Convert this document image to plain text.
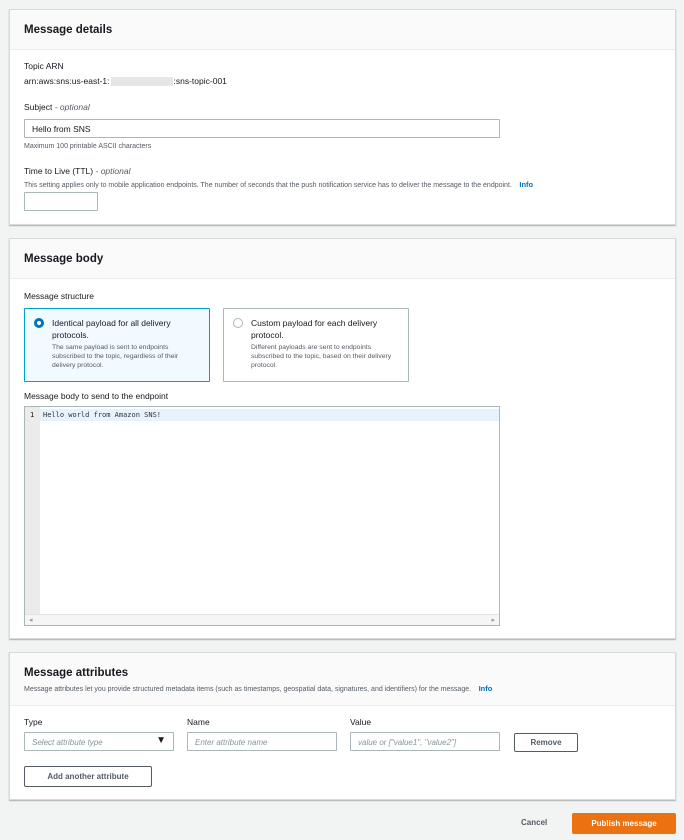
Message details
Topic ARN
arn:aws:sns:us-east-1:	:sns-topic-001
Subject - optional
Hello from SNS
Maximum 100 printable ASCII characters
Time to Live (TTL) - optional
This setting applies only to mobile application endpoints. The number of seconds that the push notification service has to deliver the message to the endpoint. Info
Message body
Message structure
Identical payload for all delivery protocols.
The same payload is sent to endpoints subscribed to the topic, regardless of their delivery protocol.
Custom payload for each delivery protocol.
Different payloads are sent to endpoints subscribed to the topic, based on their delivery protocol.
Message body to send to the endpoint
1	Hello world from Amazon SNS!
◂	▸
Message attributes
Message attributes let you provide structured metadata items (such as timestamps, geospatial data, signatures, and identifiers) for the message. Info
Type
Select attribute type	▼
Name
Enter attribute name
Value
value or ["value1", "value2"]	Remove
Add another attribute
Cancel	Publish message
